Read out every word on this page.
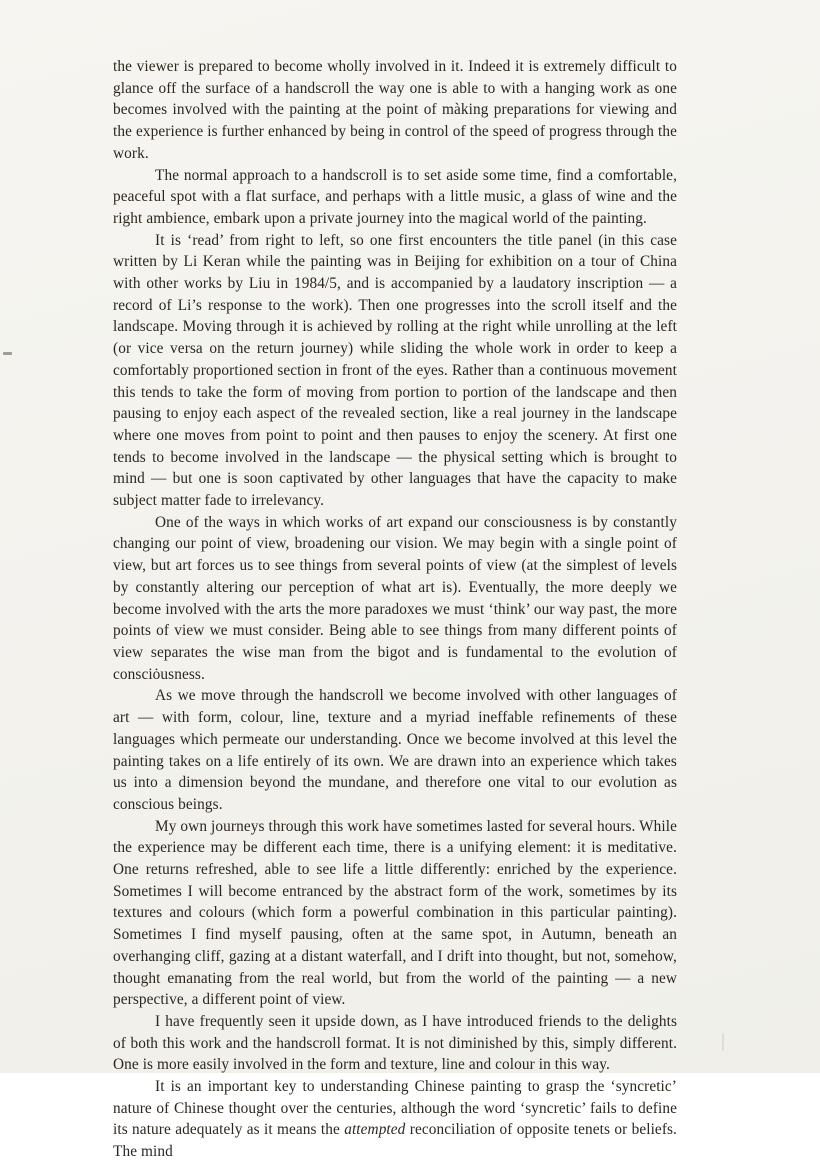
the viewer is prepared to become wholly involved in it. Indeed it is extremely difficult to glance off the surface of a handscroll the way one is able to with a hanging work as one becomes involved with the painting at the point of màking preparations for viewing and the experience is further enhanced by being in control of the speed of progress through the work.

The normal approach to a handscroll is to set aside some time, find a comfortable, peaceful spot with a flat surface, and perhaps with a little music, a glass of wine and the right ambience, embark upon a private journey into the magical world of the painting.

It is ‘read’ from right to left, so one first encounters the title panel (in this case written by Li Keran while the painting was in Beijing for exhibition on a tour of China with other works by Liu in 1984/5, and is accompanied by a laudatory inscription — a record of Li’s response to the work). Then one progresses into the scroll itself and the landscape. Moving through it is achieved by rolling at the right while unrolling at the left (or vice versa on the return journey) while sliding the whole work in order to keep a comfortably proportioned section in front of the eyes. Rather than a continuous movement this tends to take the form of moving from portion to portion of the landscape and then pausing to enjoy each aspect of the revealed section, like a real journey in the landscape where one moves from point to point and then pauses to enjoy the scenery. At first one tends to become involved in the landscape — the physical setting which is brought to mind — but one is soon captivated by other languages that have the capacity to make subject matter fade to irrelevancy.

One of the ways in which works of art expand our consciousness is by constantly changing our point of view, broadening our vision. We may begin with a single point of view, but art forces us to see things from several points of view (at the simplest of levels by constantly altering our perception of what art is). Eventually, the more deeply we become involved with the arts the more paradoxes we must ‘think’ our way past, the more points of view we must consider. Being able to see things from many different points of view separates the wise man from the bigot and is fundamental to the evolution of consciȯusness.

As we move through the handscroll we become involved with other languages of art — with form, colour, line, texture and a myriad ineffable refinements of these languages which permeate our understanding. Once we become involved at this level the painting takes on a life entirely of its own. We are drawn into an experience which takes us into a dimension beyond the mundane, and therefore one vital to our evolution as conscious beings.

My own journeys through this work have sometimes lasted for several hours. While the experience may be different each time, there is a unifying element: it is meditative. One returns refreshed, able to see life a little differently: enriched by the experience. Sometimes I will become entranced by the abstract form of the work, sometimes by its textures and colours (which form a powerful combination in this particular painting). Sometimes I find myself pausing, often at the same spot, in Autumn, beneath an overhanging cliff, gazing at a distant waterfall, and I drift into thought, but not, somehow, thought emanating from the real world, but from the world of the painting — a new perspective, a different point of view.

I have frequently seen it upside down, as I have introduced friends to the delights of both this work and the handscroll format. It is not diminished by this, simply different. One is more easily involved in the form and texture, line and colour in this way.

It is an important key to understanding Chinese painting to grasp the ‘syncretic’ nature of Chinese thought over the centuries, although the word ‘syncretic’ fails to define its nature adequately as it means the attempted reconciliation of opposite tenets or beliefs. The mind
